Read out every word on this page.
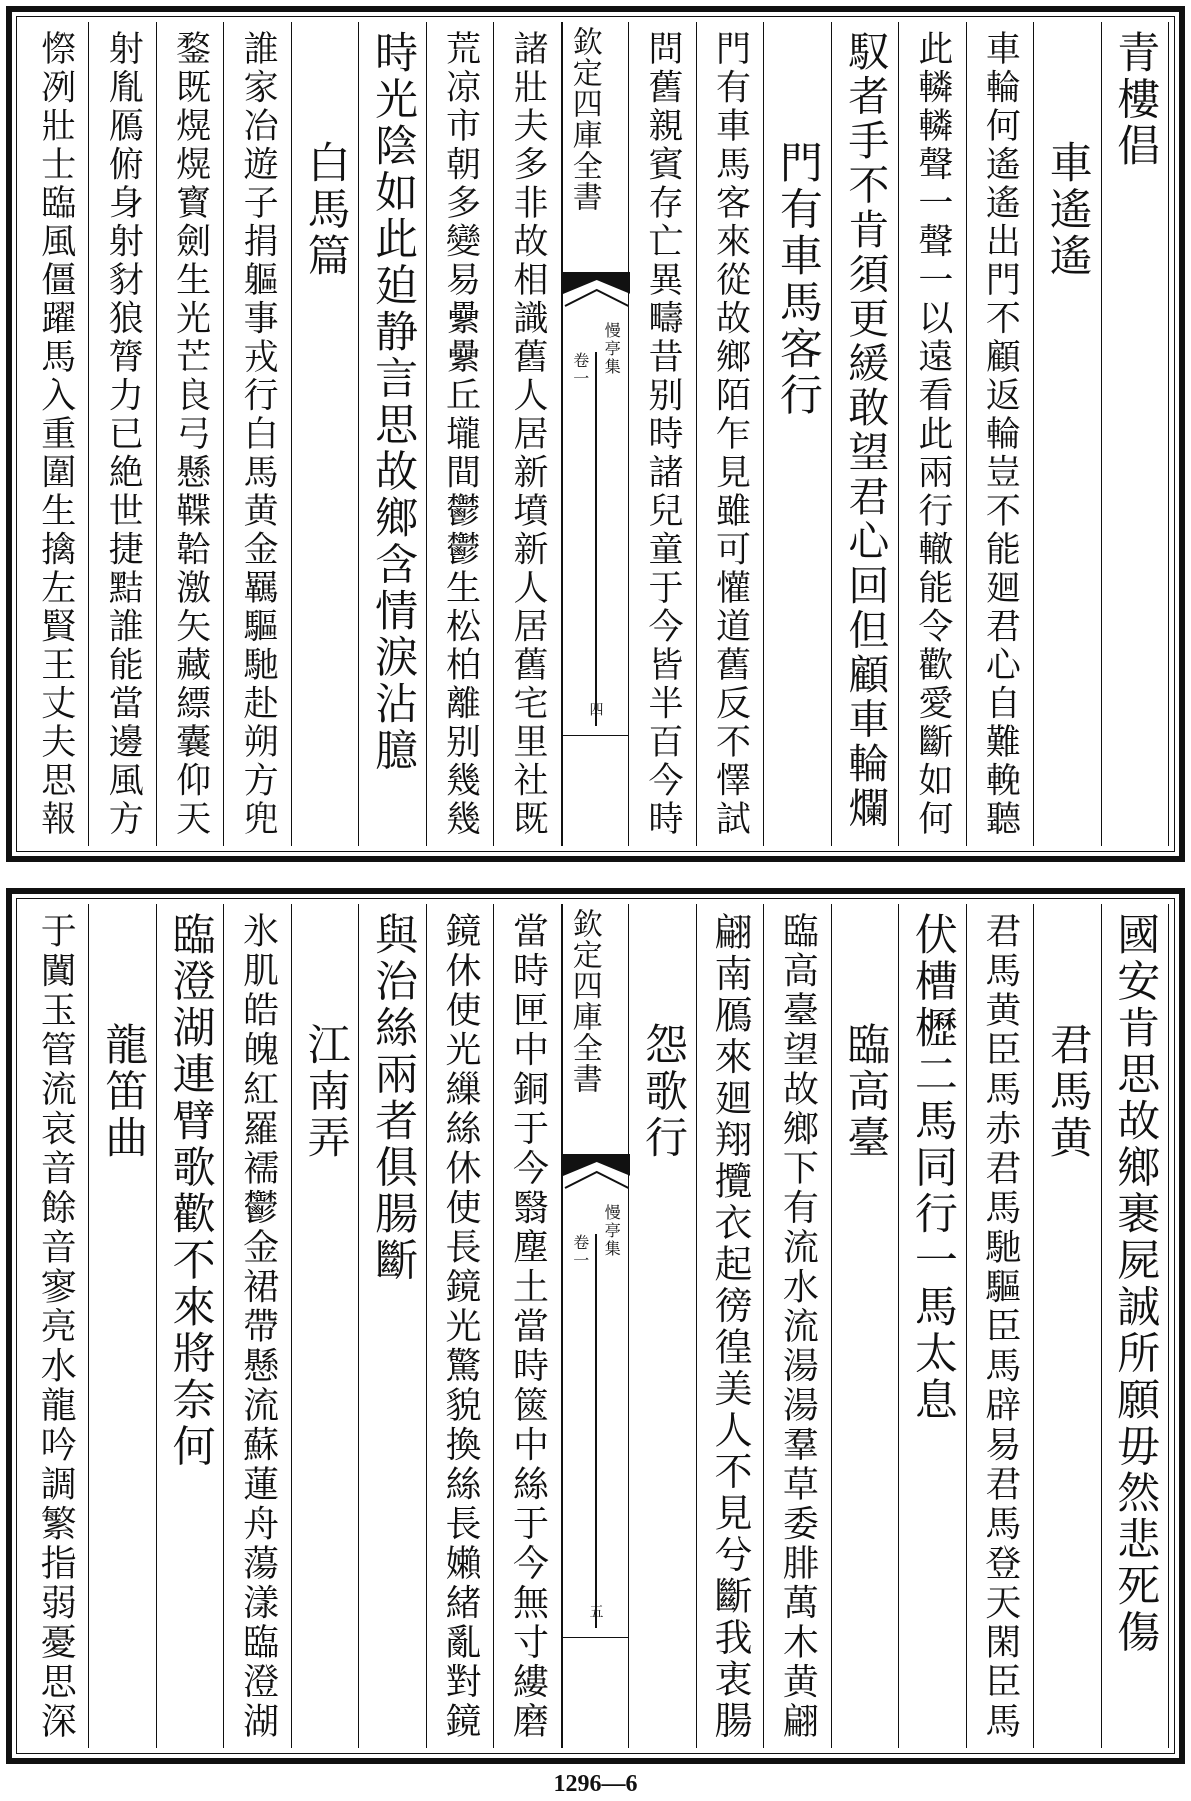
青樓倡
車遙遙
車輪何遙遙出門不顧返輪豈不能廻君心自難輓聽
此轔轔聲一聲一以遠看此兩行轍能令歡愛斷如何
馭者手不肯須更緩敢望君心回但顧車輪爛
門有車馬客行
門有車馬客來從故鄉陌乍見雖可懽道舊反不懌試
問舊親賓存亡異疇昔别時諸兒童于今皆半百今時
欽定四庫全書
慢亭集
卷一
四
諸壯夫多非故相識舊人居新墳新人居舊宅里社既
荒凉市朝多變易纍纍丘壠間鬱鬱生松柏離别幾幾
時光陰如此廹静言思故鄉含情淚沾臆
白馬篇
誰家冶遊子捐軀事戎行白馬黄金羈驅馳赴朔方兜
鍪既熀熀寳劍生光芒良弓懸鞢韐激矢藏縹囊仰天
射胤鴈俯身射豺狼膂力已絶世捷黠誰能當邊風方
憏冽壯士臨風僵躍馬入重圍生擒左賢王丈夫思報
國安肯思故鄉裹屍誠所願毋然悲死傷
君馬黄
君馬黄臣馬赤君馬馳驅臣馬辟易君馬登天閑臣馬
伏槽櫪二馬同行一馬太息
臨高臺
臨高臺望故鄉下有流水流湯湯羣草委腓萬木黄翩
翩南鴈來廻翔攬衣起徬徨美人不見兮斷我衷腸
怨歌行
欽定四庫全書
慢亭集
卷一
五
當時匣中銅于今翳塵土當時篋中絲于今無寸縷磨
鏡休使光繅絲休使長鏡光驚貌換絲長嬾緒亂對鏡
與治絲兩者俱腸斷
江南弄
氷肌皓魄紅羅襦鬱金裙帶懸流蘇蓮舟蕩漾臨澄湖
臨澄湖連臂歌歡不來將奈何
龍笛曲
于闐玉管流哀音餘音寥亮水龍吟調繁指弱憂思深
1296—6
